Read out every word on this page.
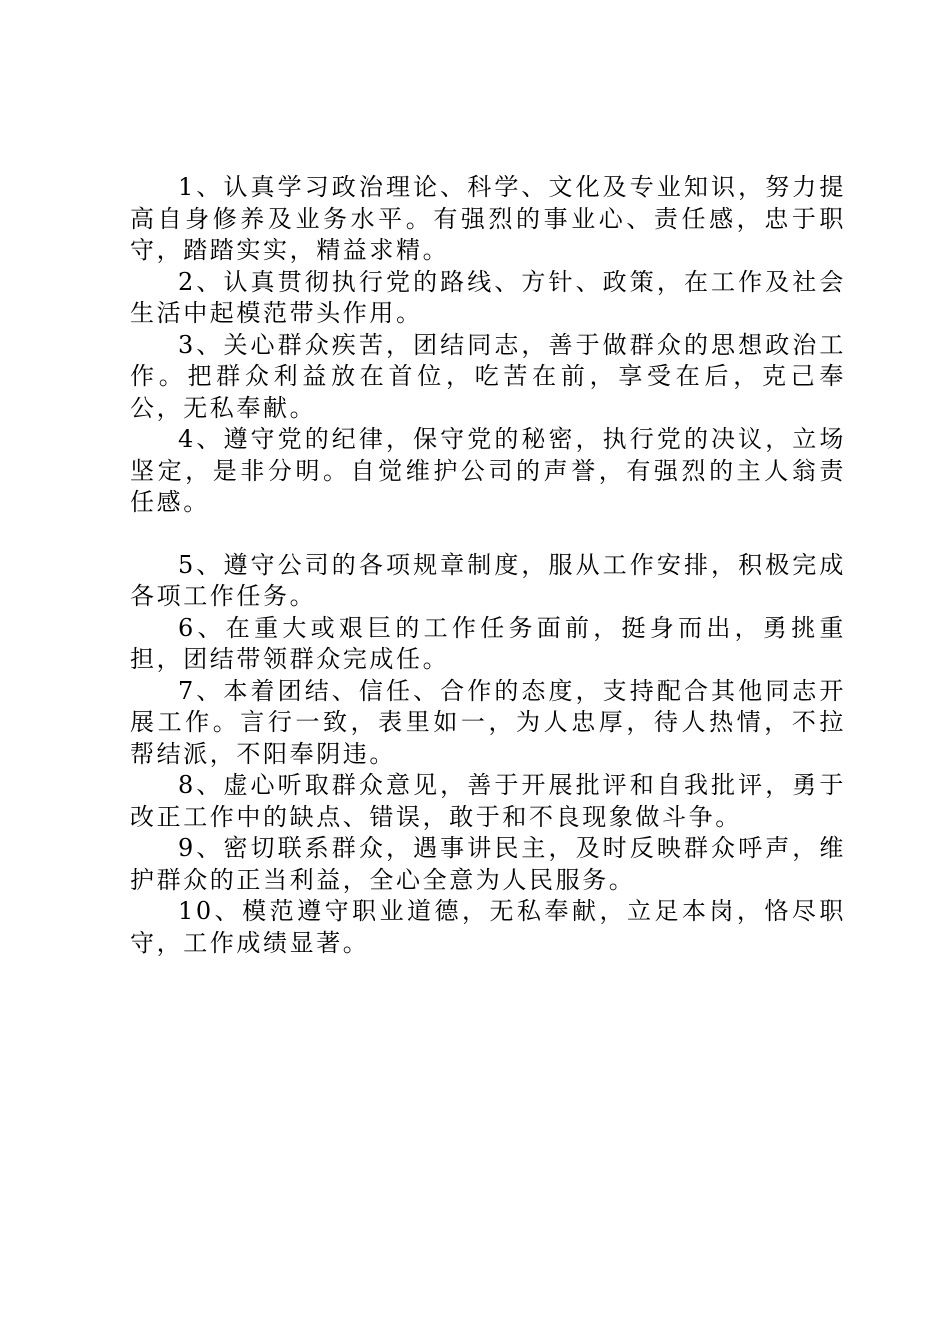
1、认真学习政治理论、科学、文化及专业知识，努力提高自身修养及业务水平。有强烈的事业心、责任感，忠于职守，踏踏实实，精益求精。

2、认真贯彻执行党的路线、方针、政策，在工作及社会生活中起模范带头作用。

3、关心群众疾苦，团结同志，善于做群众的思想政治工作。把群众利益放在首位，吃苦在前，享受在后，克己奉公，无私奉献。

4、遵守党的纪律，保守党的秘密，执行党的决议，立场坚定，是非分明。自觉维护公司的声誉，有强烈的主人翁责任感。

5、遵守公司的各项规章制度，服从工作安排，积极完成各项工作任务。

6、在重大或艰巨的工作任务面前，挺身而出，勇挑重担，团结带领群众完成任。

7、本着团结、信任、合作的态度，支持配合其他同志开展工作。言行一致，表里如一，为人忠厚，待人热情，不拉帮结派，不阳奉阴违。

8、虚心听取群众意见，善于开展批评和自我批评，勇于改正工作中的缺点、错误，敢于和不良现象做斗争。

9、密切联系群众，遇事讲民主，及时反映群众呼声，维护群众的正当利益，全心全意为人民服务。

10、模范遵守职业道德，无私奉献，立足本岗，恪尽职守，工作成绩显著。
